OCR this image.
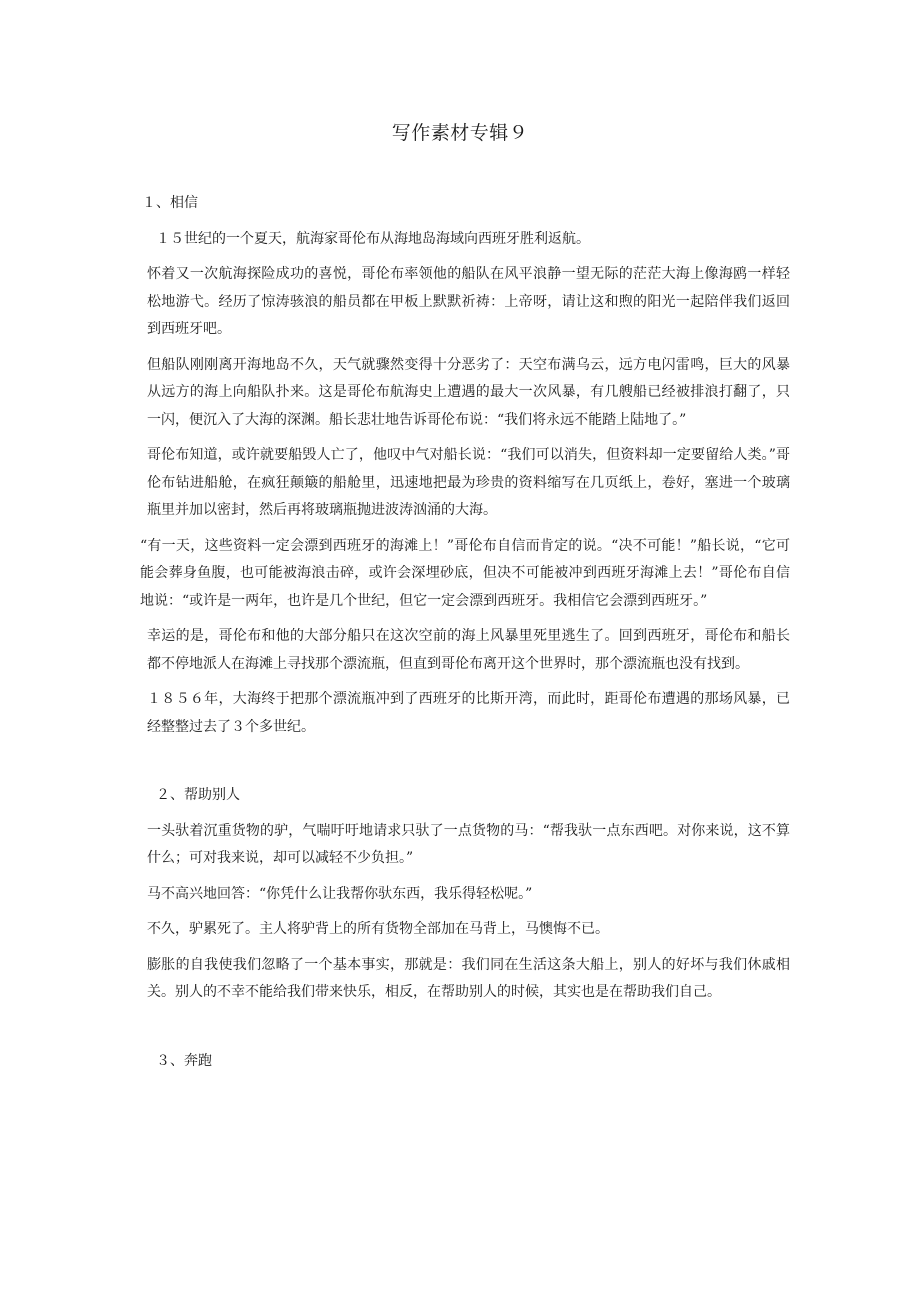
写作素材专辑９

１、相信

１５世纪的一个夏天，航海家哥伦布从海地岛海域向西班牙胜利返航。

怀着又一次航海探险成功的喜悦，哥伦布率领他的船队在风平浪静一望无际的茫茫大海上像海鸥一样轻松地游弋。经历了惊涛骇浪的船员都在甲板上默默祈祷：上帝呀，请让这和煦的阳光一起陪伴我们返回到西班牙吧。

但船队刚刚离开海地岛不久，天气就骤然变得十分恶劣了：天空布满乌云，远方电闪雷鸣，巨大的风暴从远方的海上向船队扑来。这是哥伦布航海史上遭遇的最大一次风暴，有几艘船已经被排浪打翻了，只一闪，便沉入了大海的深渊。船长悲壮地告诉哥伦布说：“我们将永远不能踏上陆地了。”

哥伦布知道，或许就要船毁人亡了，他叹中气对船长说：“我们可以消失，但资料却一定要留给人类。”哥伦布钻进船舱，在疯狂颠簸的船舱里，迅速地把最为珍贵的资料缩写在几页纸上，卷好，塞进一个玻璃瓶里并加以密封，然后再将玻璃瓶抛进波涛汹涌的大海。

“有一天，这些资料一定会漂到西班牙的海滩上！”哥伦布自信而肯定的说。“决不可能！”船长说，“它可能会葬身鱼腹，也可能被海浪击碎，或许会深埋砂底，但决不可能被冲到西班牙海滩上去！”哥伦布自信地说：“或许是一两年，也许是几个世纪，但它一定会漂到西班牙。我相信它会漂到西班牙。”

幸运的是，哥伦布和他的大部分船只在这次空前的海上风暴里死里逃生了。回到西班牙，哥伦布和船长都不停地派人在海滩上寻找那个漂流瓶，但直到哥伦布离开这个世界时，那个漂流瓶也没有找到。

１８５６年，大海终于把那个漂流瓶冲到了西班牙的比斯开湾，而此时，距哥伦布遭遇的那场风暴，已经整整过去了３个多世纪。

２、帮助别人

一头驮着沉重货物的驴，气喘吁吁地请求只驮了一点货物的马：“帮我驮一点东西吧。对你来说，这不算什么；可对我来说，却可以减轻不少负担。”

马不高兴地回答：“你凭什么让我帮你驮东西，我乐得轻松呢。”

不久，驴累死了。主人将驴背上的所有货物全部加在马背上，马懊悔不已。

膨胀的自我使我们忽略了一个基本事实，那就是：我们同在生活这条大船上，别人的好坏与我们休戚相关。别人的不幸不能给我们带来快乐，相反，在帮助别人的时候，其实也是在帮助我们自己。

３、奔跑
